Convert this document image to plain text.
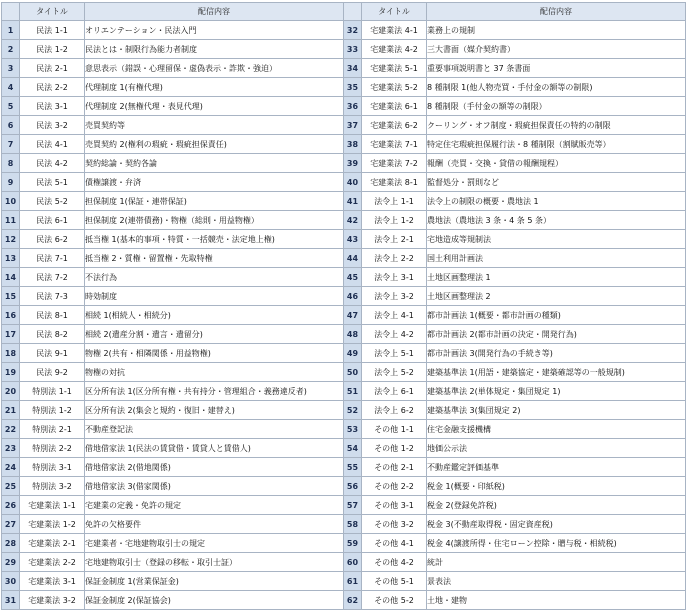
	タイトル	配信内容		タイトル	配信内容
1	民法 1-1	オリエンテーション・民法入門	32	宅建業法 4-1	業務上の規制
2	民法 1-2	民法とは・制限行為能力者制度	33	宅建業法 4-2	三大書面（媒介契約書）
3	民法 2-1	意思表示（錯誤・心理留保・虚偽表示・詐欺・強迫）	34	宅建業法 5-1	重要事項説明書と 37 条書面
4	民法 2-2	代理制度 1(有権代理)	35	宅建業法 5-2	8 種制限 1(他人物売買・手付金の額等の制限)
5	民法 3-1	代理制度 2(無権代理・表見代理)	36	宅建業法 6-1	8 種制限（手付金の額等の制限）
6	民法 3-2	売買契約等	37	宅建業法 6-2	クーリング・オフ制度・瑕疵担保責任の特約の制限
7	民法 4-1	売買契約 2(権利の瑕疵・瑕疵担保責任)	38	宅建業法 7-1	特定住宅瑕疵担保履行法・8 種制限（割賦販売等）
8	民法 4-2	契約総論・契約各論	39	宅建業法 7-2	報酬（売買・交換・貸借の報酬規程）
9	民法 5-1	債権譲渡・弁済	40	宅建業法 8-1	監督処分・罰則など
10	民法 5-2	担保制度 1(保証・連帯保証)	41	法令上 1-1	法令上の制限の概要・農地法 1
11	民法 6-1	担保制度 2(連帯債務)・物権（総則・用益物権）	42	法令上 1-2	農地法（農地法 3 条・4 条 5 条）
12	民法 6-2	抵当権 1(基本的事項・特質・一括競売・法定地上権)	43	法令上 2-1	宅地造成等規制法
13	民法 7-1	抵当権 2・質権・留置権・先取特権	44	法令上 2-2	国土利用計画法
14	民法 7-2	不法行為	45	法令上 3-1	土地区画整理法 1
15	民法 7-3	時効制度	46	法令上 3-2	土地区画整理法 2
16	民法 8-1	相続 1(相続人・相続分)	47	法令上 4-1	都市計画法 1(概要・都市計画の種類)
17	民法 8-2	相続 2(遺産分割・遺言・遺留分)	48	法令上 4-2	都市計画法 2(都市計画の決定・開発行為)
18	民法 9-1	物権 2(共有・相隣関係・用益物権)	49	法令上 5-1	都市計画法 3(開発行為の手続き等)
19	民法 9-2	物権の対抗	50	法令上 5-2	建築基準法 1(用語・建築協定・建築確認等の一般規制)
20	特別法 1-1	区分所有法 1(区分所有権・共有持分・管理組合・義務違反者)	51	法令上 6-1	建築基準法 2(単体規定・集団規定 1)
21	特別法 1-2	区分所有法 2(集会と規約・復旧・建替え)	52	法令上 6-2	建築基準法 3(集団規定 2)
22	特別法 2-1	不動産登記法	53	その他 1-1	住宅金融支援機構
23	特別法 2-2	借地借家法 1(民法の賃貸借・賃貸人と賃借人)	54	その他 1-2	地価公示法
24	特別法 3-1	借地借家法 2(借地関係)	55	その他 2-1	不動産鑑定評価基準
25	特別法 3-2	借地借家法 3(借家関係)	56	その他 2-2	税金 1(概要・印紙税)
26	宅建業法 1-1	宅建業の定義・免許の規定	57	その他 3-1	税金 2(登録免許税)
27	宅建業法 1-2	免許の欠格要件	58	その他 3-2	税金 3(不動産取得税・固定資産税)
28	宅建業法 2-1	宅建業者・宅地建物取引士の規定	59	その他 4-1	税金 4(譲渡所得・住宅ローン控除・贈与税・相続税)
29	宅建業法 2-2	宅地建物取引士（登録の移転・取引士証）	60	その他 4-2	統計
30	宅建業法 3-1	保証金制度 1(営業保証金)	61	その他 5-1	景表法
31	宅建業法 3-2	保証金制度 2(保証協会)	62	その他 5-2	土地・建物
